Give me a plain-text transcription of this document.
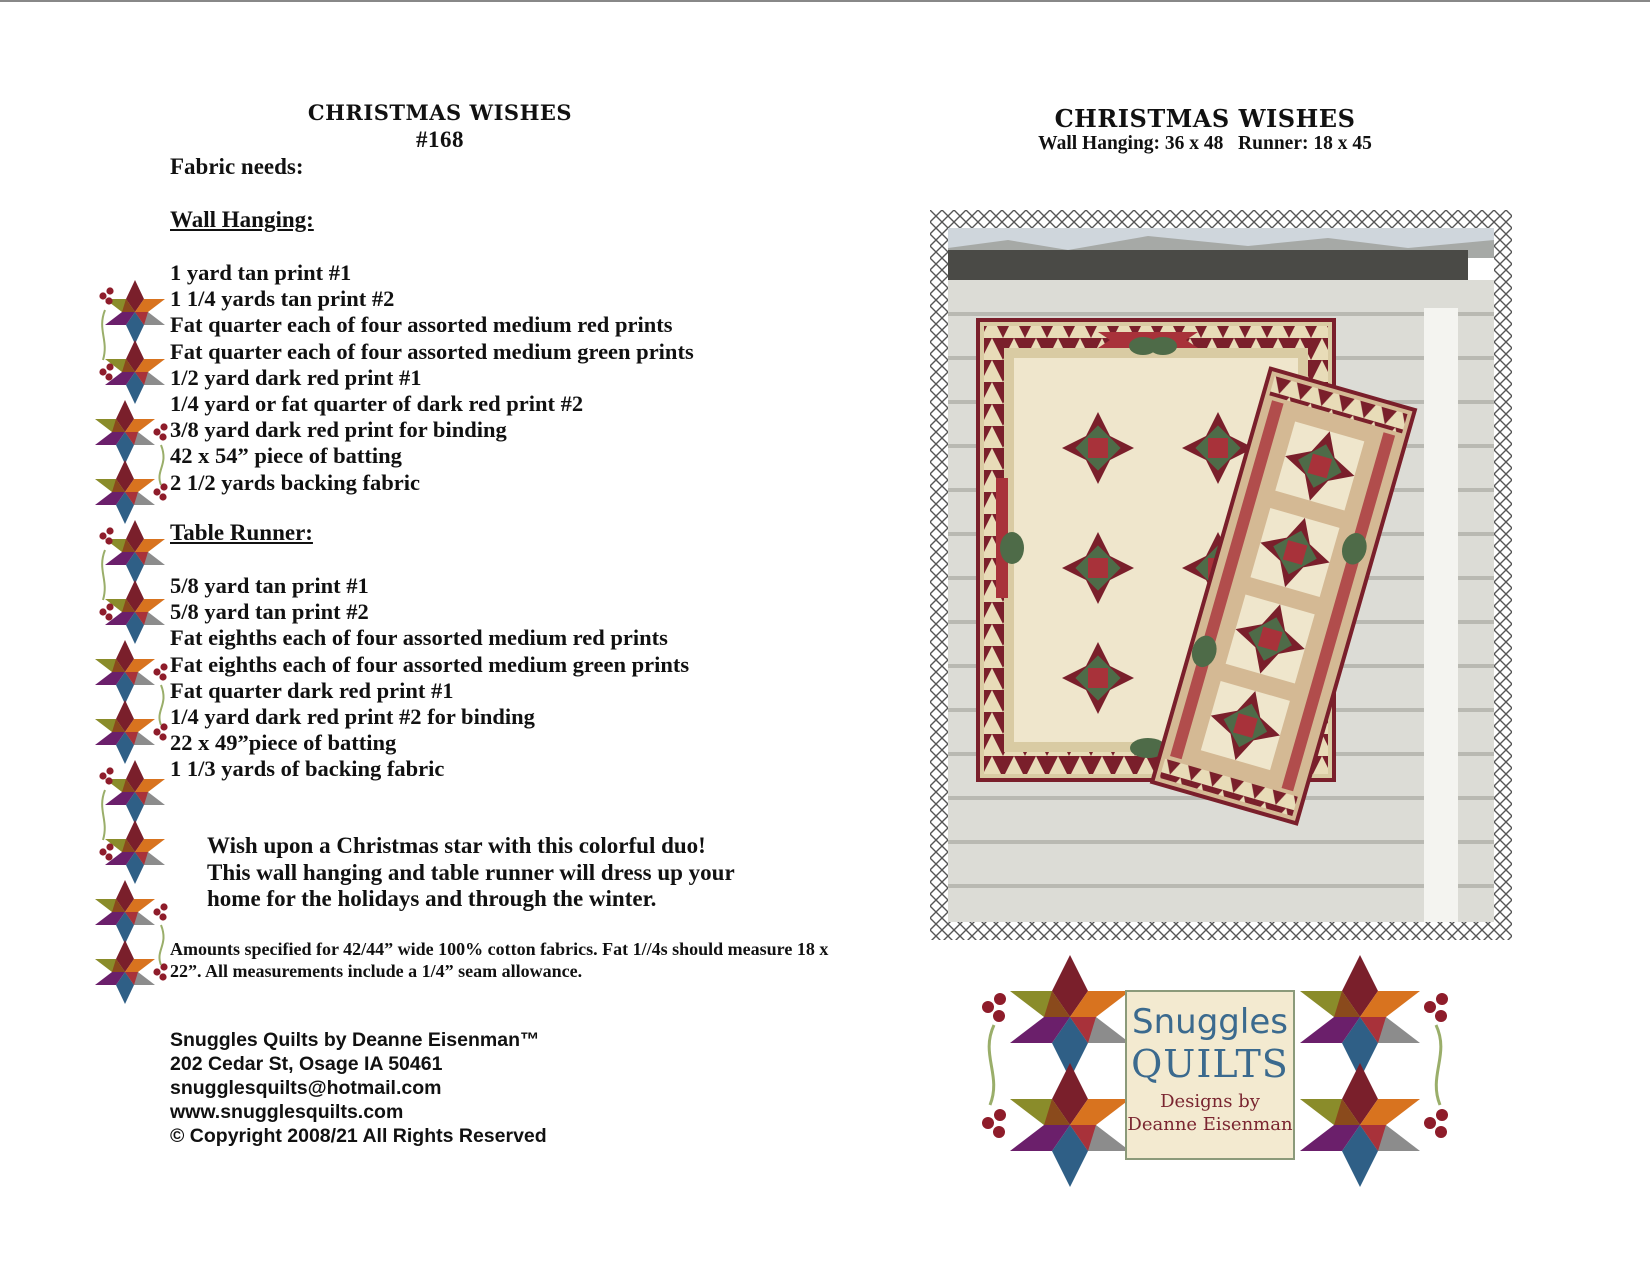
CHRISTMAS WISHES
#168
Fabric needs:
Wall Hanging:
1 yard tan print #1
1 1/4 yards tan print #2
Fat quarter each of four assorted medium red prints
Fat quarter each of four assorted medium green prints
1/2 yard dark red print #1
1/4 yard or fat quarter of dark red print #2
3/8 yard dark red print for binding
42 x 54” piece of batting
2 1/2 yards backing fabric
Table Runner:
5/8 yard tan print #1
5/8 yard tan print #2
Fat eighths each of four assorted medium red prints
Fat eighths each of four assorted medium green prints
Fat quarter dark red print #1
1/4 yard dark red print #2 for binding
22 x 49”piece of batting
1 1/3 yards of backing fabric
Wish upon a Christmas star with this colorful duo!
This wall hanging and table runner will dress up your
home for the holidays and through the winter.
Amounts specified for 42/44” wide 100% cotton fabrics. Fat 1//4s should measure 18 x 22”. All measurements include a 1/4” seam allowance.
Snuggles Quilts by Deanne Eisenman™
202 Cedar St, Osage IA 50461
snugglesquilts@hotmail.com
www.snugglesquilts.com
© Copyright 2008/21 All Rights Reserved
CHRISTMAS WISHES
Wall Hanging: 36 x 48   Runner: 18 x 45
Snuggles
QUILTS
Designs by
Deanne Eisenman
